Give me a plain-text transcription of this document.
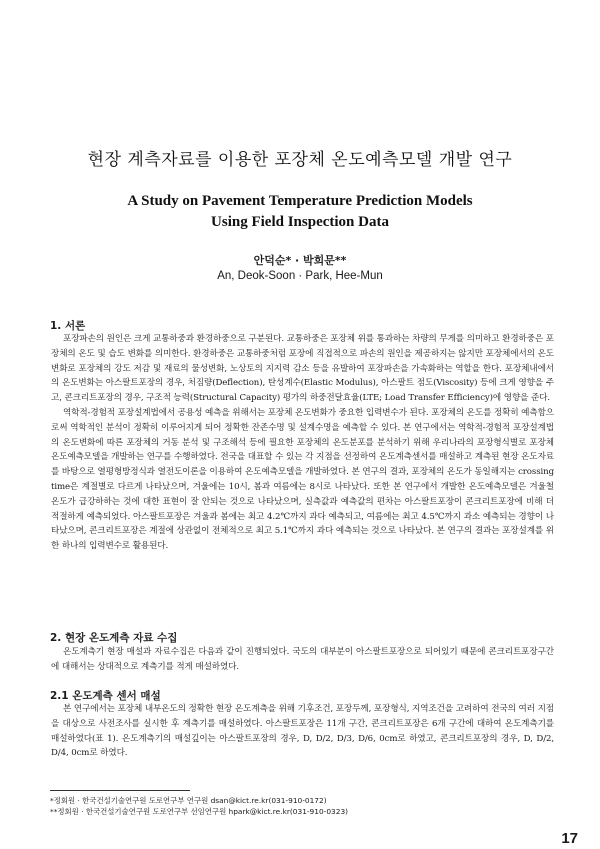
현장 계측자료를 이용한 포장체 온도예측모델 개발 연구
A Study on Pavement Temperature Prediction Models
Using Field Inspection Data
안덕순* · 박희문**
An, Deok-Soon · Park, Hee-Mun
1. 서론
포장파손의 원인은 크게 교통하중과 환경하중으로 구분된다. 교통하중은 포장체 위를 통과하는 차량의 무게를 의미하고 환경하중은 포장체의 온도 및 습도 변화를 의미한다. 환경하중은 교통하중처럼 포장에 직접적으로 파손의 원인을 제공하지는 않지만 포장체에서의 온도변화로 포장체의 강도 저감 및 재료의 물성변화, 노상토의 지지력 감소 등을 유발하여 포장파손을 가속화하는 역할을 한다. 포장체내에서의 온도변화는 아스팔트포장의 경우, 처짐량(Deflection), 탄성계수(Elastic Modulus), 아스팔트 점도(Viscosity) 등에 크게 영향을 주고, 콘크리트포장의 경우, 구조적 능력(Structural Capacity) 평가의 하중전달효율(LTE; Load Transfer Efficiency)에 영향을 준다.
역학적-경험적 포장설계법에서 공용성 예측을 위해서는 포장체 온도변화가 중요한 입력변수가 된다. 포장체의 온도를 정확히 예측함으로써 역학적인 분석이 정확히 이루어지게 되어 정확한 잔존수명 및 설계수명을 예측할 수 있다. 본 연구에서는 역학적-경험적 포장설계법의 온도변화에 따른 포장체의 거동 분석 및 구조해석 등에 필요한 포장체의 온도분포를 분석하기 위해 우리나라의 포장형식별로 포장체 온도예측모델을 개발하는 연구를 수행하였다. 전국을 대표할 수 있는 각 지점을 선정하여 온도계측센서를 매설하고 계측된 현장 온도자료를 바탕으로 열평형방정식과 열전도이론을 이용하여 온도예측모델을 개발하였다. 본 연구의 결과, 포장체의 온도가 동일해지는 crossing time은 계절별로 다르게 나타났으며, 겨울에는 10시, 봄과 여름에는 8시로 나타났다. 또한 본 연구에서 개발한 온도예측모델은 겨울철 온도가 급강하하는 것에 대한 표현이 잘 안되는 것으로 나타났으며, 실측값과 예측값의 편차는 아스팔트포장이 콘크리트포장에 비해 더 적절하게 예측되었다. 아스팔트포장은 겨울과 봄에는 최고 4.2℃까지 과다 예측되고, 여름에는 최고 4.5℃까지 과소 예측되는 경향이 나타났으며, 콘크리트포장은 계절에 상관없이 전체적으로 최고 5.1℃까지 과다 예측되는 것으로 나타났다. 본 연구의 결과는 포장설계를 위한 하나의 입력변수로 활용된다.
2. 현장 온도계측 자료 수집
온도계측기 현장 매설과 자료수집은 다음과 같이 진행되었다. 국도의 대부분이 아스팔트포장으로 되어있기 때문에 콘크리트포장구간에 대해서는 상대적으로 계측기를 적게 매설하였다.
2.1 온도계측 센서 매설
본 연구에서는 포장체 내부온도의 정확한 현장 온도계측을 위해 기후조건, 포장두께, 포장형식, 지역조건을 고려하여 전국의 여러 지점을 대상으로 사전조사를 실시한 후 계측기를 매설하였다. 아스팔트포장은 11개 구간, 콘크리트포장은 6개 구간에 대하여 온도계측기를 매설하였다(표 1). 온도계측기의 매설깊이는 아스팔트포장의 경우, D, D/2, D/3, D/6, 0cm로 하였고, 콘크리트포장의 경우, D, D/2, D/4, 0cm로 하였다.
*정회원 · 한국건설기술연구원 도로연구부 연구원 dsan@kict.re.kr(031-910-0172)
**정회원 · 한국건설기술연구원 도로연구부 선임연구원 hpark@kict.re.kr(031-910-0323)
17
